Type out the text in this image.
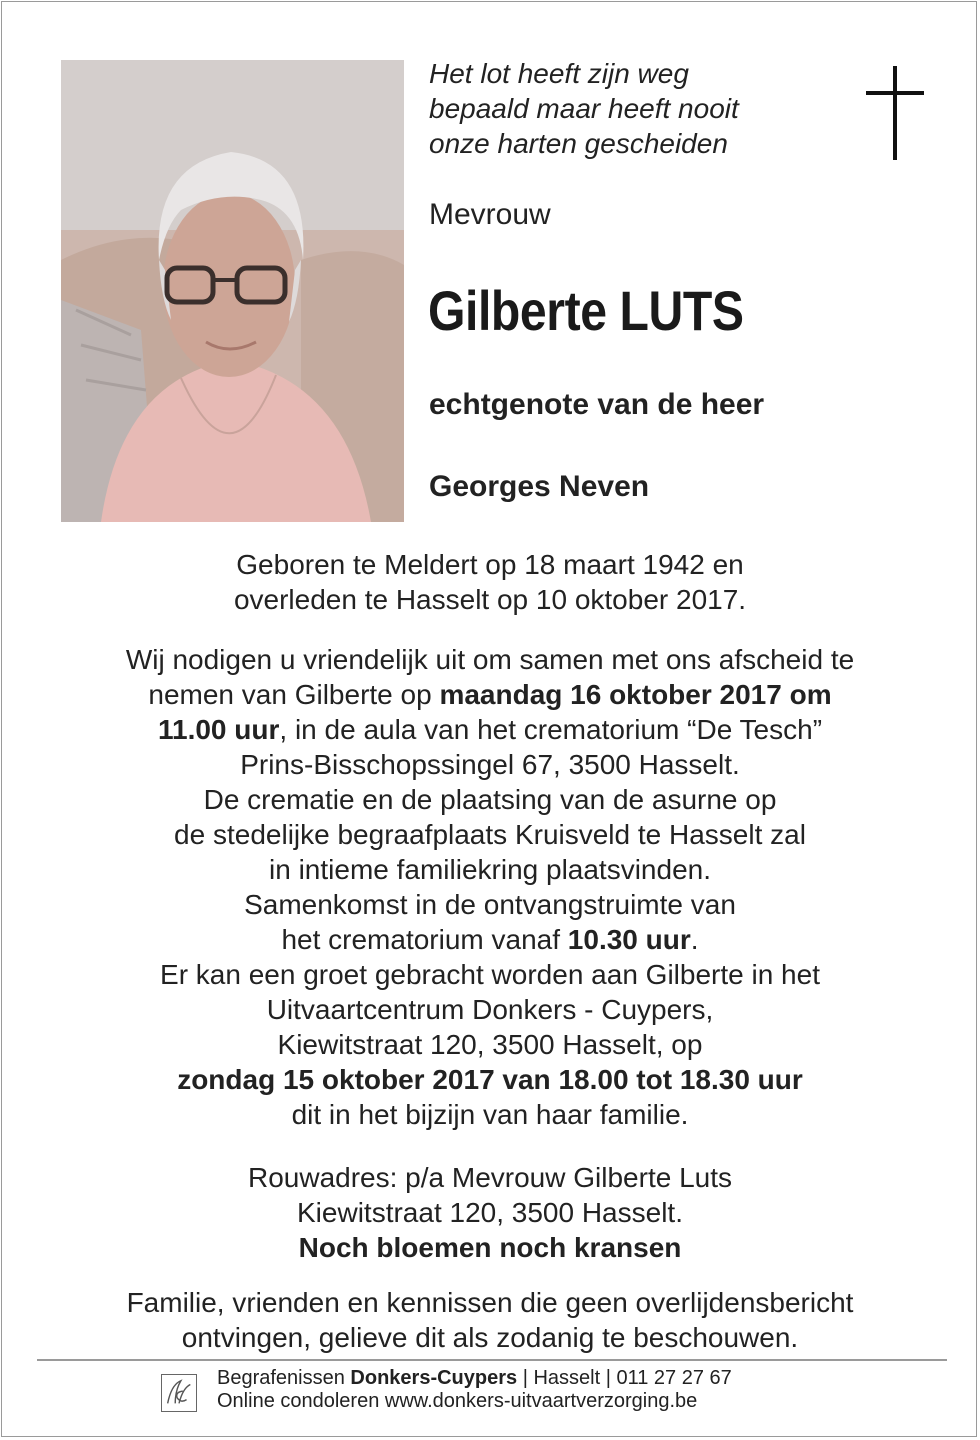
Het lot heeft zijn weg
bepaald maar heeft nooit
onze harten gescheiden
Mevrouw
Gilberte LUTS
echtgenote van de heer
Georges Neven
Geboren te Meldert op 18 maart 1942 en
overleden te Hasselt op 10 oktober 2017.
Wij nodigen u vriendelijk uit om samen met ons afscheid te
nemen van Gilberte op maandag 16 oktober 2017 om
11.00 uur, in de aula van het crematorium “De Tesch”
Prins-Bisschopssingel 67, 3500 Hasselt.
De crematie en de plaatsing van de asurne op
de stedelijke begraafplaats Kruisveld te Hasselt zal
in intieme familiekring plaatsvinden.
Samenkomst in de ontvangstruimte van
het crematorium vanaf 10.30 uur.
Er kan een groet gebracht worden aan Gilberte in het
Uitvaartcentrum Donkers - Cuypers,
Kiewitstraat 120, 3500 Hasselt, op
zondag 15 oktober 2017 van 18.00 tot 18.30 uur
dit in het bijzijn van haar familie.
Rouwadres: p/a Mevrouw Gilberte Luts
Kiewitstraat 120, 3500 Hasselt.
Noch bloemen noch kransen
Familie, vrienden en kennissen die geen overlijdensbericht
ontvingen, gelieve dit als zodanig te beschouwen.
Begrafenissen Donkers-Cuypers | Hasselt | 011 27 27 67
Online condoleren www.donkers-uitvaartverzorging.be
